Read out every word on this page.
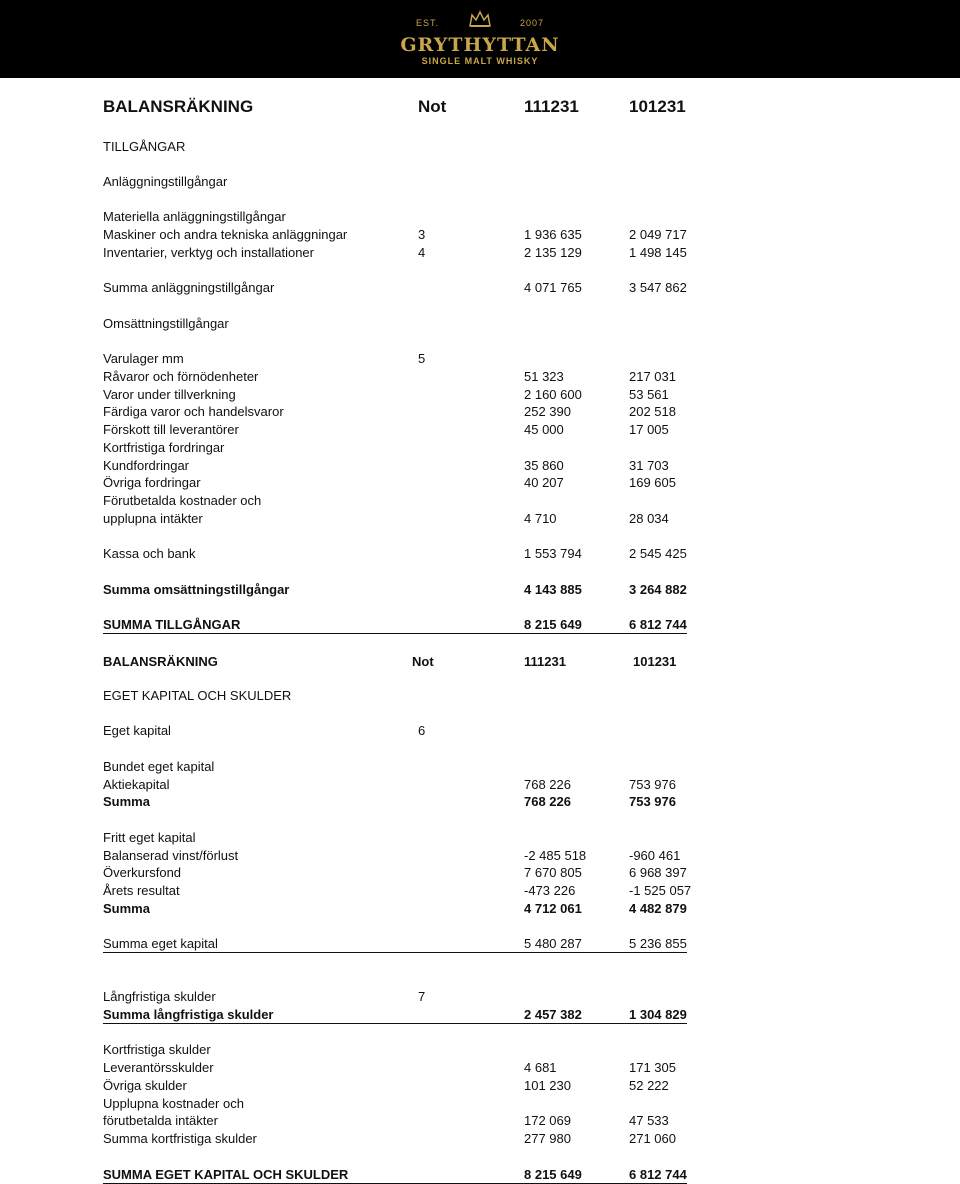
EST.	2007
GRYTHYTTAN
SINGLE MALT WHISKY
BALANSRÄKNING	Not	111231	101231
TILLGÅNGAR
Anläggningstillgångar
Materiella anläggningstillgångar
Maskiner och andra tekniska anläggningar	3	1 936 635	2 049 717
Inventarier, verktyg och installationer	4	2 135 129	1 498 145
Summa anläggningstillgångar	4 071 765	3 547 862
Omsättningstillgångar
Varulager mm	5
Råvaror och förnödenheter	51 323	217 031
Varor under tillverkning	2 160 600	53 561
Färdiga varor och handelsvaror	252 390	202 518
Förskott till leverantörer	45 000	17 005
Kortfristiga fordringar
Kundfordringar	35 860	31 703
Övriga fordringar	40 207	169 605
Förutbetalda kostnader och
upplupna intäkter	4 710	28 034
Kassa och bank	1 553 794	2 545 425
Summa omsättningstillgångar	4 143 885	3 264 882
SUMMA TILLGÅNGAR	8 215 649	6 812 744
BALANSRÄKNING	Not	111231	101231
EGET KAPITAL OCH SKULDER
Eget kapital	6
Bundet eget kapital
Aktiekapital	768 226	753 976
Summa	768 226	753 976
Fritt eget kapital
Balanserad vinst/förlust	-2 485 518	-960 461
Överkursfond	7 670 805	6 968 397
Årets resultat	-473 226	-1 525 057
Summa	4 712 061	4 482 879
Summa eget kapital	5 480 287	5 236 855
Långfristiga skulder	7
Summa långfristiga skulder	2 457 382	1 304 829
Kortfristiga skulder
Leverantörsskulder	4 681	171 305
Övriga skulder	101 230	52 222
Upplupna kostnader och
förutbetalda intäkter	172 069	47 533
Summa kortfristiga skulder	277 980	271 060
SUMMA EGET KAPITAL OCH SKULDER	8 215 649	6 812 744
